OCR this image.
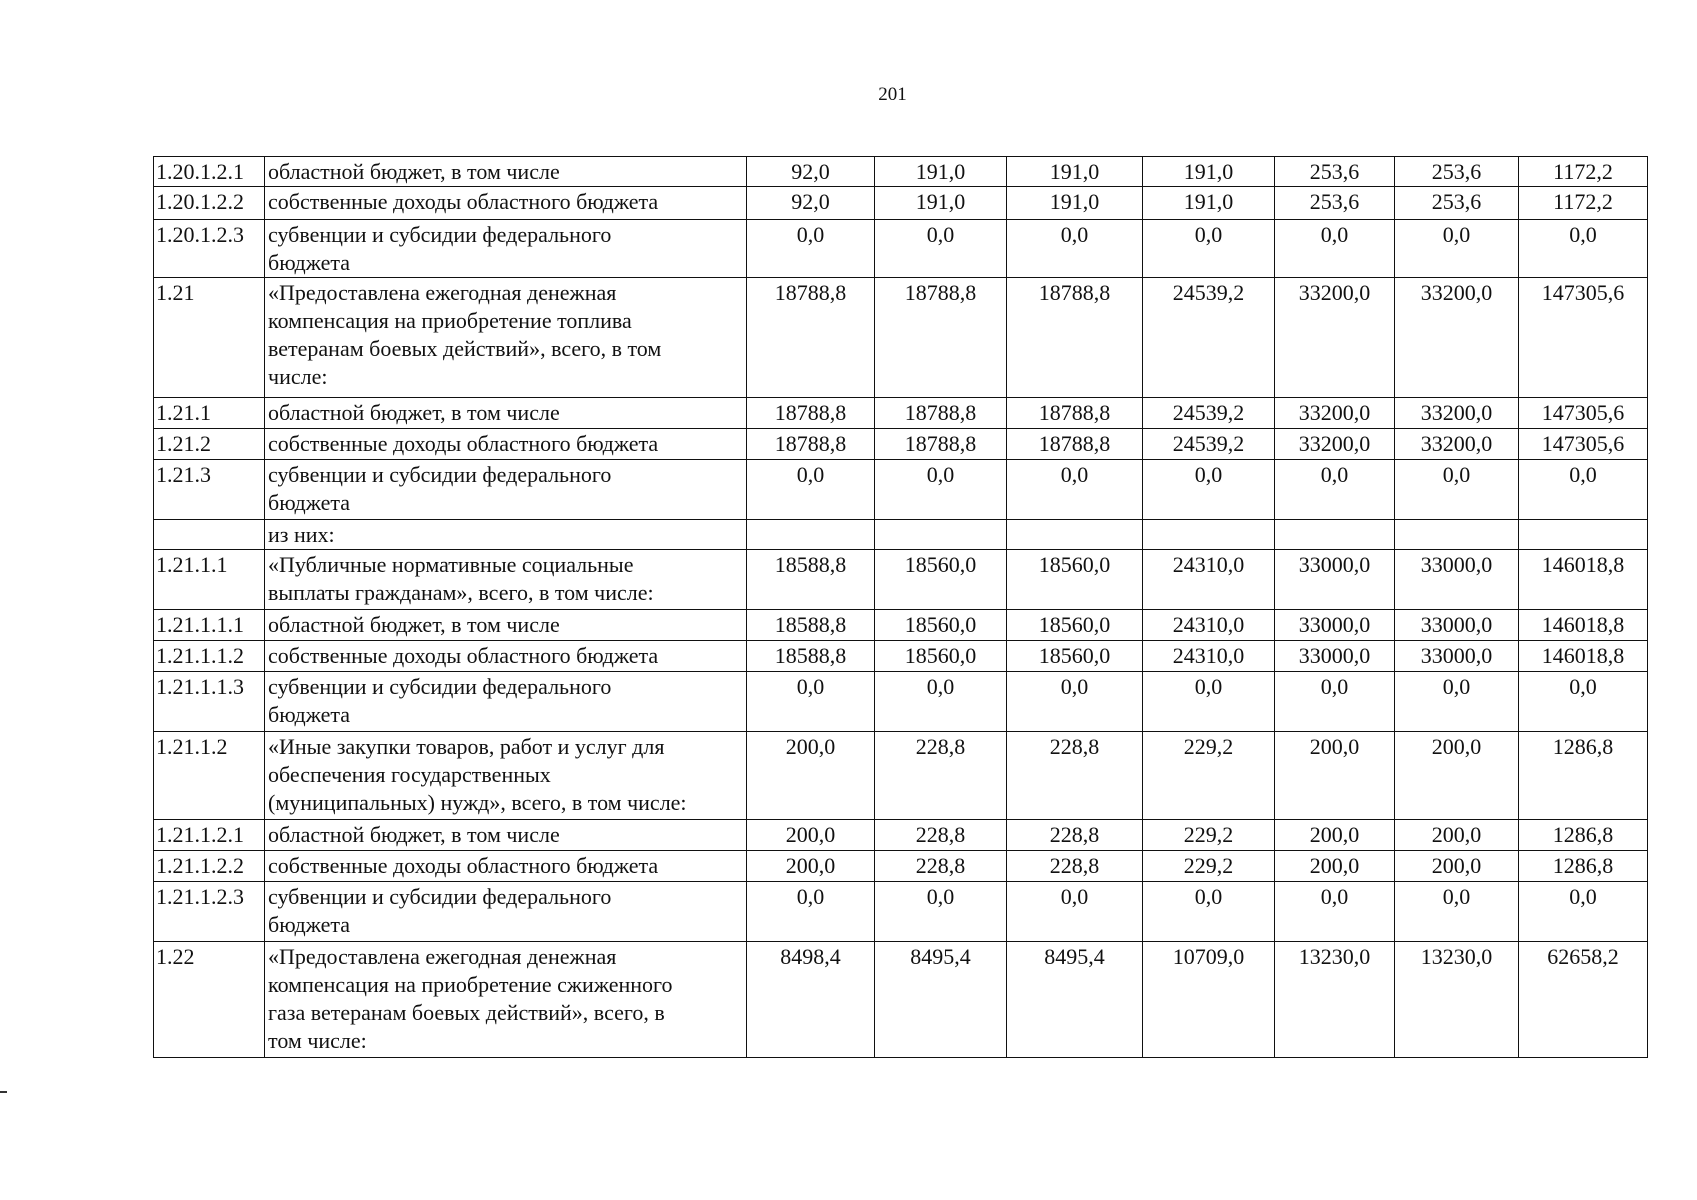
201
1.20.1.2.1	областной бюджет, в том числе	92,0	191,0	191,0	191,0	253,6	253,6	1172,2
1.20.1.2.2	собственные доходы областного бюджета	92,0	191,0	191,0	191,0	253,6	253,6	1172,2
1.20.1.2.3	субвенции и субсидии федерального
бюджета	0,0	0,0	0,0	0,0	0,0	0,0	0,0
1.21	«Предоставлена ежегодная денежная
компенсация на приобретение топлива
ветеранам боевых действий», всего, в том
числе:	18788,8	18788,8	18788,8	24539,2	33200,0	33200,0	147305,6
1.21.1	областной бюджет, в том числе	18788,8	18788,8	18788,8	24539,2	33200,0	33200,0	147305,6
1.21.2	собственные доходы областного бюджета	18788,8	18788,8	18788,8	24539,2	33200,0	33200,0	147305,6
1.21.3	субвенции и субсидии федерального
бюджета	0,0	0,0	0,0	0,0	0,0	0,0	0,0
	из них:							
1.21.1.1	«Публичные нормативные социальные
выплаты гражданам», всего, в том числе:	18588,8	18560,0	18560,0	24310,0	33000,0	33000,0	146018,8
1.21.1.1.1	областной бюджет, в том числе	18588,8	18560,0	18560,0	24310,0	33000,0	33000,0	146018,8
1.21.1.1.2	собственные доходы областного бюджета	18588,8	18560,0	18560,0	24310,0	33000,0	33000,0	146018,8
1.21.1.1.3	субвенции и субсидии федерального
бюджета	0,0	0,0	0,0	0,0	0,0	0,0	0,0
1.21.1.2	«Иные закупки товаров, работ и услуг для
обеспечения государственных
(муниципальных) нужд», всего, в том числе:	200,0	228,8	228,8	229,2	200,0	200,0	1286,8
1.21.1.2.1	областной бюджет, в том числе	200,0	228,8	228,8	229,2	200,0	200,0	1286,8
1.21.1.2.2	собственные доходы областного бюджета	200,0	228,8	228,8	229,2	200,0	200,0	1286,8
1.21.1.2.3	субвенции и субсидии федерального
бюджета	0,0	0,0	0,0	0,0	0,0	0,0	0,0
1.22	«Предоставлена ежегодная денежная
компенсация на приобретение сжиженного
газа ветеранам боевых действий», всего, в
том числе:	8498,4	8495,4	8495,4	10709,0	13230,0	13230,0	62658,2
